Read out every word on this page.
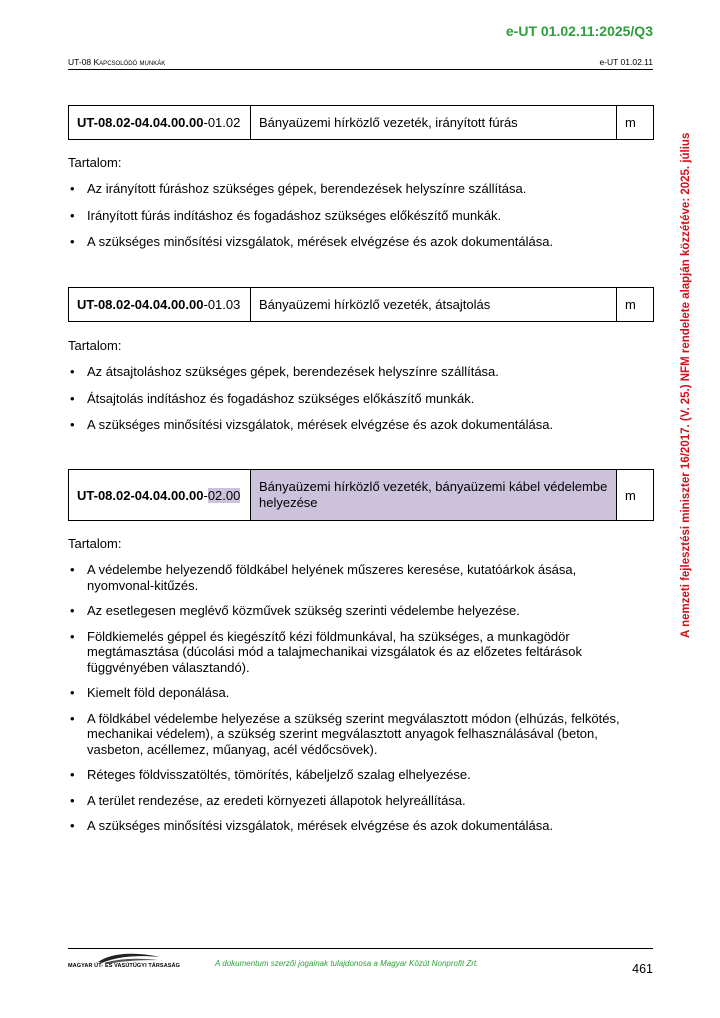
e-UT 01.02.11:2025/Q3
UT-08 Kapcsolódó munkák	e-UT 01.02.11
A nemzeti fejlesztési miniszter 16/2017. (V. 25.) NFM rendelete alapján közzétéve: 2025. július
UT-08.02-04.04.00.00-01.02	Bányaüzemi hírközlő vezeték, irányított fúrás	m

Tartalom:

• Az irányított fúráshoz szükséges gépek, berendezések helyszínre szállítása.
• Irányított fúrás indításhoz és fogadáshoz szükséges előkészítő munkák.
• A szükséges minősítési vizsgálatok, mérések elvégzése és azok dokumentálása.
UT-08.02-04.04.00.00-01.03	Bányaüzemi hírközlő vezeték, átsajtolás	m

Tartalom:

• Az átsajtoláshoz szükséges gépek, berendezések helyszínre szállítása.
• Átsajtolás indításhoz és fogadáshoz szükséges előkászítő munkák.
• A szükséges minősítési vizsgálatok, mérések elvégzése és azok dokumentálása.
UT-08.02-04.04.00.00-02.00	Bányaüzemi hírközlő vezeték, bányaüzemi kábel védelembe helyezése	m

Tartalom:

• A védelembe helyezendő földkábel helyének műszeres keresése, kutatóárkok ásása, nyomvonal-kitűzés.
• Az esetlegesen meglévő közművek szükség szerinti védelembe helyezése.
• Földkiemelés géppel és kiegészítő kézi földmunkával, ha szükséges, a munkagödör megtámasztása (dúcolási mód a talajmechanikai vizsgálatok és az előzetes feltárások függvényében választandó).
• Kiemelt föld deponálása.
• A földkábel védelembe helyezése a szükség szerint megválasztott módon (elhúzás, felkötés, mechanikai védelem), a szükség szerint megválasztott anyagok felhasználásával (beton, vasbeton, acéllemez, műanyag, acél védőcsövek).
• Réteges földvisszatöltés, tömörítés, kábeljelző szalag elhelyezése.
• A terület rendezése, az eredeti környezeti állapotok helyreállítása.
• A szükséges minősítési vizsgálatok, mérések elvégzése és azok dokumentálása.
MAGYAR ÚT- ÉS VASÚTÜGYI TÁRSASÁG	A dokumentum szerzői jogainak tulajdonosa a Magyar Közút Nonprofit Zrt.	461
